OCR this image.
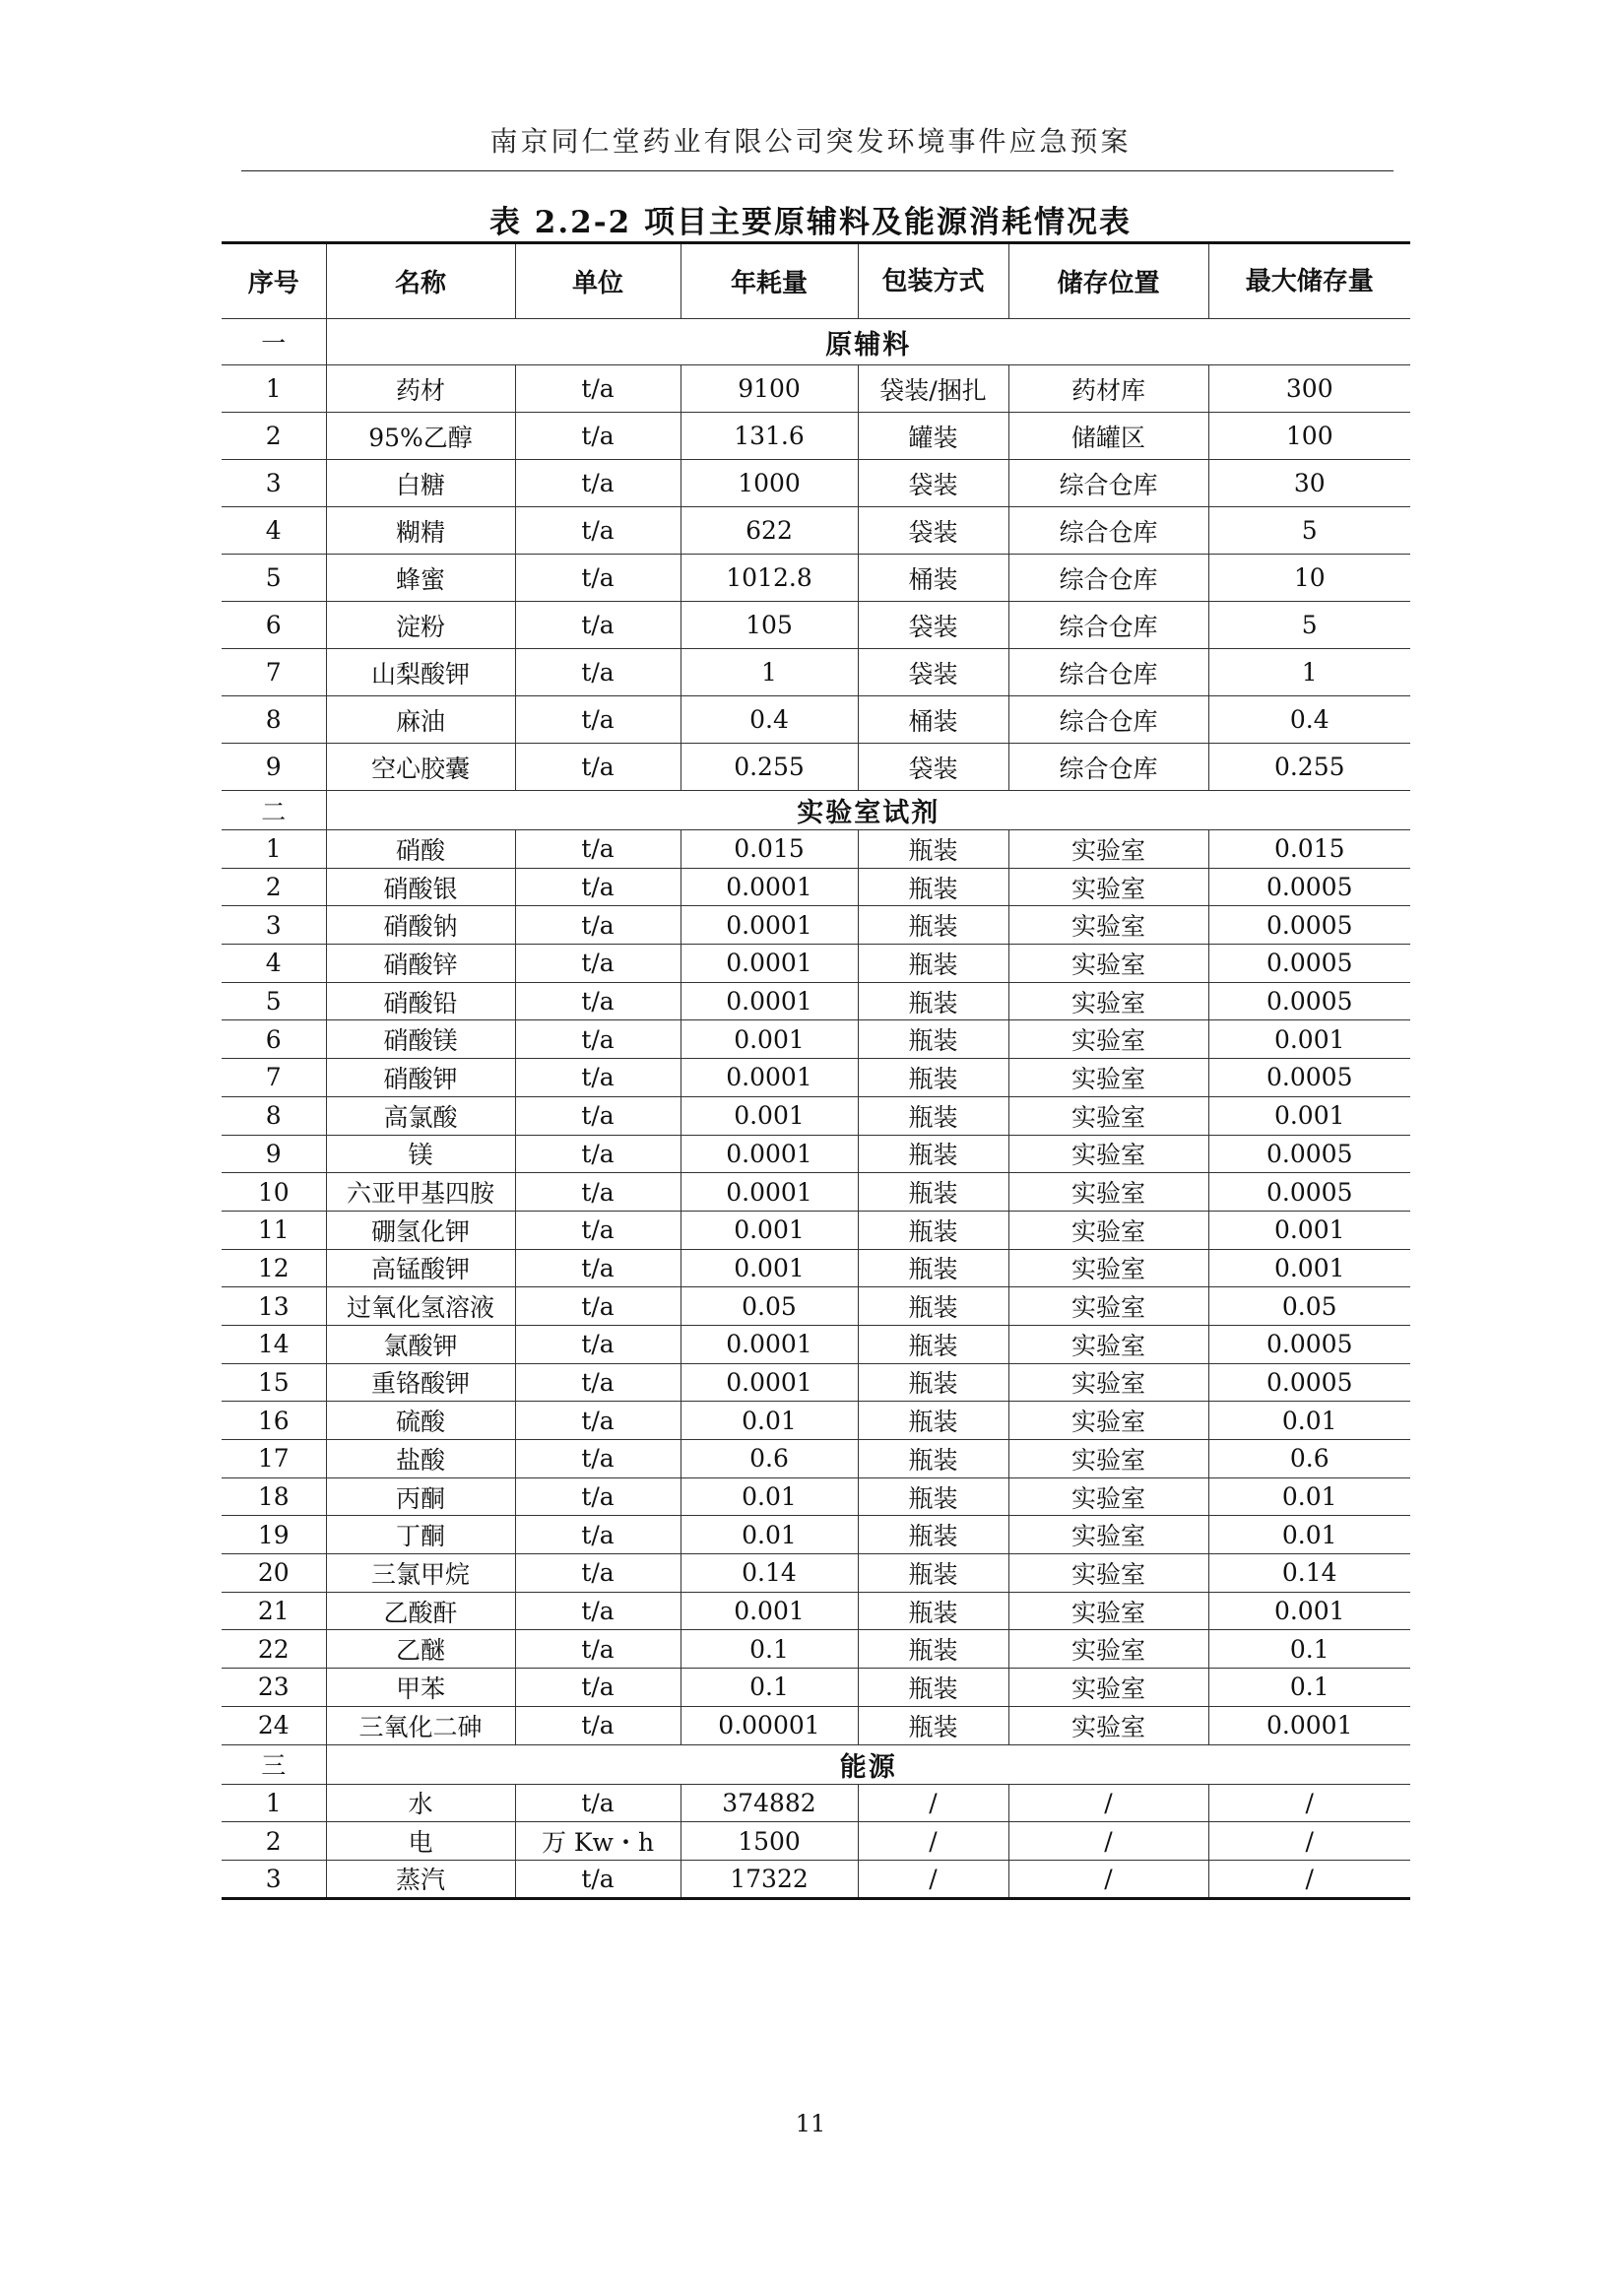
南京同仁堂药业有限公司突发环境事件应急预案
表 2.2-2 项目主要原辅料及能源消耗情况表
序号	名称	单位	年耗量	包装方式	储存位置	最大储存量
一	原辅料					
1	药材	t/a	9100	袋装/捆扎	药材库	300
2	95%乙醇	t/a	131.6	罐装	储罐区	100
3	白糖	t/a	1000	袋装	综合仓库	30
4	糊精	t/a	622	袋装	综合仓库	5
5	蜂蜜	t/a	1012.8	桶装	综合仓库	10
6	淀粉	t/a	105	袋装	综合仓库	5
7	山梨酸钾	t/a	1	袋装	综合仓库	1
8	麻油	t/a	0.4	桶装	综合仓库	0.4
9	空心胶囊	t/a	0.255	袋装	综合仓库	0.255
二	实验室试剂					
1	硝酸	t/a	0.015	瓶装	实验室	0.015
2	硝酸银	t/a	0.0001	瓶装	实验室	0.0005
3	硝酸钠	t/a	0.0001	瓶装	实验室	0.0005
4	硝酸锌	t/a	0.0001	瓶装	实验室	0.0005
5	硝酸铅	t/a	0.0001	瓶装	实验室	0.0005
6	硝酸镁	t/a	0.001	瓶装	实验室	0.001
7	硝酸钾	t/a	0.0001	瓶装	实验室	0.0005
8	高氯酸	t/a	0.001	瓶装	实验室	0.001
9	镁	t/a	0.0001	瓶装	实验室	0.0005
10	六亚甲基四胺	t/a	0.0001	瓶装	实验室	0.0005
11	硼氢化钾	t/a	0.001	瓶装	实验室	0.001
12	高锰酸钾	t/a	0.001	瓶装	实验室	0.001
13	过氧化氢溶液	t/a	0.05	瓶装	实验室	0.05
14	氯酸钾	t/a	0.0001	瓶装	实验室	0.0005
15	重铬酸钾	t/a	0.0001	瓶装	实验室	0.0005
16	硫酸	t/a	0.01	瓶装	实验室	0.01
17	盐酸	t/a	0.6	瓶装	实验室	0.6
18	丙酮	t/a	0.01	瓶装	实验室	0.01
19	丁酮	t/a	0.01	瓶装	实验室	0.01
20	三氯甲烷	t/a	0.14	瓶装	实验室	0.14
21	乙酸酐	t/a	0.001	瓶装	实验室	0.001
22	乙醚	t/a	0.1	瓶装	实验室	0.1
23	甲苯	t/a	0.1	瓶装	实验室	0.1
24	三氧化二砷	t/a	0.00001	瓶装	实验室	0.0001
三	能源					
1	水	t/a	374882	/	/	/
2	电	万 Kw・h	1500	/	/	/
3	蒸汽	t/a	17322	/	/	/
11
